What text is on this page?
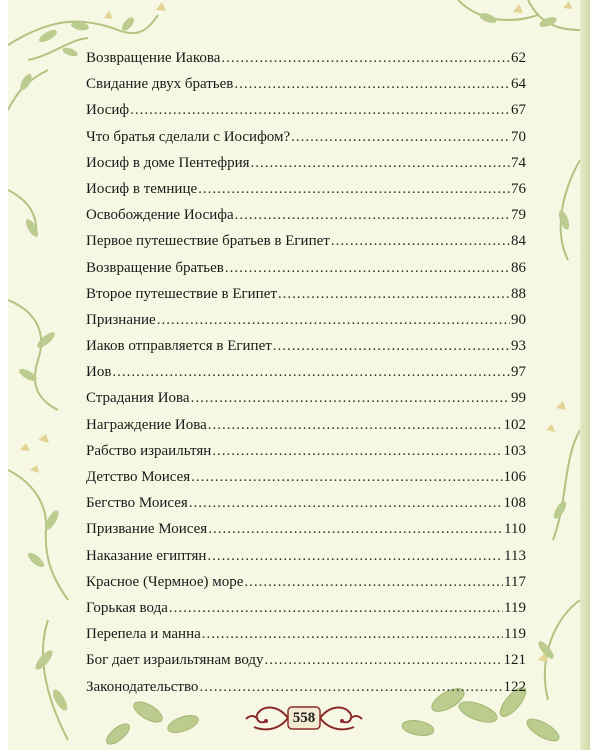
Возвращение Иакова .....	62
Свидание двух братьев .....	64
Иосиф .....	67
Что братья сделали с Иосифом? .....	70
Иосиф в доме Пентефрия .....	74
Иосиф в темнице .....	76
Освобождение Иосифа .....	79
Первое путешествие братьев в Египет .....	84
Возвращение братьев .....	86
Второе путешествие в Египет .....	88
Признание .....	90
Иаков отправляется в Египет .....	93
Иов .....	97
Страдания Иова .....	99
Награждение Иова .....	102
Рабство израильтян .....	103
Детство Моисея .....	106
Бегство Моисея .....	108
Призвание Моисея .....	110
Наказание египтян .....	113
Красное (Чермное) море .....	117
Горькая вода .....	119
Перепела и манна .....	119
Бог дает израильтянам воду .....	121
Законодательство .....	122
558
